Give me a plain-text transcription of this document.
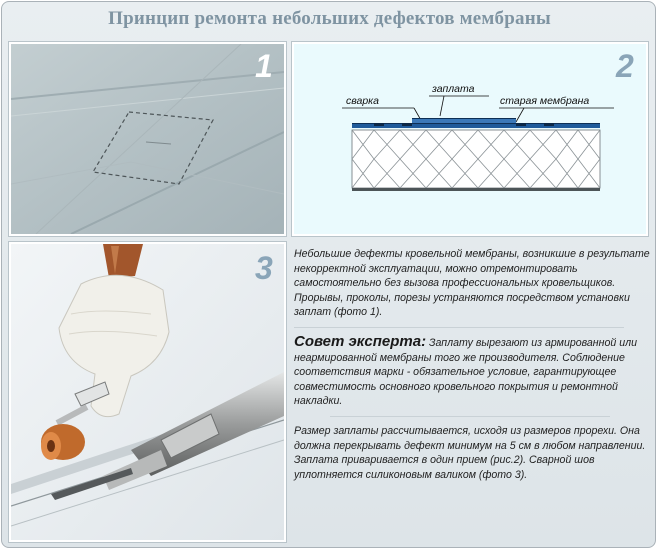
Принцип ремонта небольших дефектов мембраны
1	2
сварка
заплата
старая мембрана
3 Небольшие дефекты кровельной мембраны, возникшие в результате некорректной эксплуатации, можно отремонтировать самостоятельно без вызова профессиональных кровельщиков. Прорывы, проколы, порезы устраняются посредством установки заплат (фото 1).

Совет эксперта: Заплату вырезают из армированной или неармированной мембраны того же производителя. Соблюдение соответствия марки - обязательное условие, гарантирующее совместимость основного кровельного покрытия и ремонтной накладки.

Размер заплаты рассчитывается, исходя из размеров прорехи. Она должна перекрывать дефект минимум на 5 см в любом направлении. Заплата приваривается в один прием (рис.2). Сварной шов уплотняется силиконовым валиком (фото 3).
